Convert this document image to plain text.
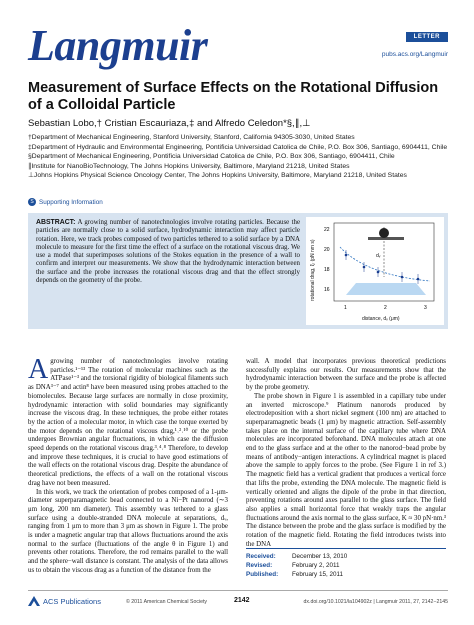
Langmuir	LETTER
pubs.acs.org/Langmuir
Measurement of Surface Effects on the Rotational Diffusion of a Colloidal Particle
Sebastian Lobo,† Cristian Escauriaza,‡ and Alfredo Celedon*§,∥,⊥

†Department of Mechanical Engineering, Stanford University, Stanford, California 94305-3030, United States

‡Department of Hydraulic and Environmental Engineering, Pontificia Universidad Catolica de Chile, P.O. Box 306, Santiago, 6904411, Chile

§Department of Mechanical Engineering, Pontificia Universidad Catolica de Chile, P.O. Box 306, Santiago, 6904411, Chile

∥Institute for NanoBioTechnology, The Johns Hopkins University, Baltimore, Maryland 21218, United States

⊥Johns Hopkins Physical Science Oncology Center, The Johns Hopkins University, Baltimore, Maryland 21218, United States

S Supporting Information

ABSTRACT: A growing number of nanotechnologies involve rotating particles. Because the particles are normally close to a solid surface, hydrodynamic interaction may affect particle rotation. Here, we track probes composed of two particles tethered to a solid surface by a DNA molecule to measure for the first time the effect of a surface on the rotational viscous drag. We use a model that superimposes solutions of the Stokes equation in the presence of a wall to confirm and interpret our measurements. We show that the hydrodynamic interaction between the surface and the probe increases the rotational viscous drag and that the effect strongly depends on the geometry of the probe.

dᵥ
22
20
18
16
1	2	3
rotational drag, ξᵣ (pN nm s)
distance, dᵥ (μm)

Agrowing number of nanotechnologies involve rotating particles.¹⁻¹³ The rotation of molecular machines such as the ATPase¹⁻³ and the torsional rigidity of biological filaments such as DNA³⁻⁷ and actin⁸ have been measured using probes attached to the biomolecules. Because large surfaces are normally in close proximity, hydrodynamic interaction with solid boundaries may significantly increase the viscous drag. In these techniques, the probe either rotates by the action of a molecular motor, in which case the torque exerted by the motor depends on the rotational viscous drag,¹˒²˒¹⁰ or the probe undergoes Brownian angular fluctuations, in which case the diffusion speed depends on the rotational viscous drag.³˒⁴˒⁸ Therefore, to develop and improve these techniques, it is crucial to have good estimations of the wall effects on the rotational viscous drag. Despite the abundance of theoretical predictions, the effects of a wall on the rotational viscous drag have not been measured.

In this work, we track the orientation of probes composed of a 1-μm-diameter superparamagnetic bead connected to a Ni−Pt nanorod (∼3 μm long, 200 nm diameter). This assembly was tethered to a glass surface using a double-stranded DNA molecule at separations, dᵥ, ranging from 1 μm to more than 3 μm as shown in Figure 1. The probe is under a magnetic angular trap that allows fluctuations around the axis normal to the surface (fluctuations of the angle θ in Figure 1) and prevents other rotations. Therefore, the rod remains parallel to the wall and the sphere−wall distance is constant. The analysis of the data allows us to obtain the viscous drag as a function of the distance from the

wall. A model that incorporates previous theoretical predictions successfully explains our results. Our measurements show that the hydrodynamic interaction between the surface and the probe is affected by the probe geometry.

The probe shown in Figure 1 is assembled in a capillary tube under an inverted microscope.⁹ Platinum nanorods produced by electrodeposition with a short nickel segment (100 nm) are attached to superparamagnetic beads (1 μm) by magnetic attraction. Self-assembly takes place on the internal surface of the capillary tube where DNA molecules are incorporated beforehand. DNA molecules attach at one end to the glass surface and at the other to the nanorod−bead probe by means of antibody−antigen interactions. A cylindrical magnet is placed above the sample to apply forces to the probe. (See Figure 1 in ref 3.) The magnetic field has a vertical gradient that produces a vertical force that lifts the probe, extending the DNA molecule. The magnetic field is vertically oriented and aligns the dipole of the probe in that direction, preventing rotations around axes parallel to the glass surface. The field also applies a small horizontal force that weakly traps the angular fluctuations around the axis normal to the glass surface, K ≈ 30 pN·nm.³ The distance between the probe and the glass surface is modified by the rotation of the magnetic field. Rotating the field introduces twists into the DNA

Received:	December 13, 2010
Revised:	February 2, 2011
Published:	February 15, 2011
ACS Publications	© 2011 American Chemical Society	2142	dx.doi.org/10.1021/la104902z | Langmuir 2011, 27, 2142−2145
